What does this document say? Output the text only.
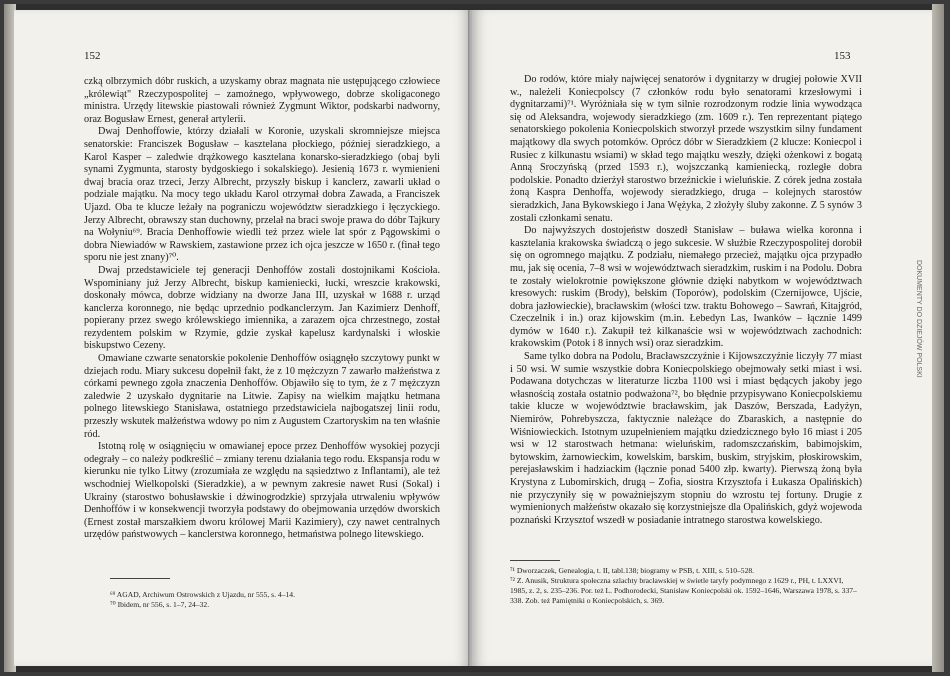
152

czką olbrzymich dóbr ruskich, a uzyskamy obraz magnata nie ustępującego człowiece „królewiąt" Rzeczypospolitej – zamożnego, wpływowego, dobrze skoligaconego ministra. Urzędy litewskie piastowali również Zygmunt Wiktor, podskarbi nadworny, oraz Bogusław Ernest, generał artylerii.

Dwaj Denhoffowie, którzy działali w Koronie, uzyskali skromniejsze miejsca senatorskie: Franciszek Bogusław – kasztelana płockiego, później sieradzkiego, a Karol Kasper – zaledwie drążkowego kasztelana konarsko-sieradzkiego (obaj byli synami Zygmunta, starosty bydgoskiego i sokalskiego). Jesienią 1673 r. wymienieni dwaj bracia oraz trzeci, Jerzy Albrecht, przyszły biskup i kanclerz, zawarli układ o podziale majątku. Na mocy tego układu Karol otrzymał dobra Zawada, a Franciszek Ujazd. Oba te klucze leżały na pograniczu województw sieradzkiego i łęczyckiego. Jerzy Albrecht, obrawszy stan duchowny, przelał na braci swoje prawa do dóbr Tajkury na Wołyniu⁶⁹. Bracia Denhoffowie wiedli też przez wiele lat spór z Pągowskimi o dobra Niewiadów w Rawskiem, zastawione przez ich ojca jeszcze w 1650 r. (finał tego sporu nie jest znany)⁷⁰.

Dwaj przedstawiciele tej generacji Denhoffów zostali dostojnikami Kościoła. Wspominiany już Jerzy Albrecht, biskup kamieniecki, łucki, wreszcie krakowski, doskonały mówca, dobrze widziany na dworze Jana III, uzyskał w 1688 r. urząd kanclerza koronnego, nie będąc uprzednio podkanclerzym. Jan Kazimierz Denhoff, popierany przez swego królewskiego imiennika, a zarazem ojca chrzestnego, został rezydentem polskim w Rzymie, gdzie zyskał kapelusz kardynalski i włoskie biskupstwo Cezeny.

Omawiane czwarte senatorskie pokolenie Denhoffów osiągnęło szczytowy punkt w dziejach rodu. Miary sukcesu dopełnił fakt, że z 10 mężczyzn 7 zawarło małżeństwa z córkami pewnego zgoła znaczenia Denhoffów. Objawiło się to tym, że z 7 mężczyzn zaledwie 2 uzyskało dygnitarie na Litwie. Zapisy na wielkim majątku hetmana polnego litewskiego Stanisława, ostatniego przedstawiciela najbogatszej linii rodu, przeszły wskutek małżeństwa wdowy po nim z Augustem Czartoryskim na ten właśnie ród.

Istotną rolę w osiągnięciu w omawianej epoce przez Denhoffów wysokiej pozycji odegrały – co należy podkreślić – zmiany terenu działania tego rodu. Ekspansja rodu w kierunku nie tylko Litwy (zrozumiała ze względu na sąsiedztwo z Inflantami), ale też wschodniej Wielkopolski (Sieradzkie), a w pewnym zakresie nawet Rusi (Sokal) i Ukrainy (starostwo bohusławskie i dźwinogrodzkie) sprzyjała utrwaleniu wpływów Denhoffów i w konsekwencji tworzyła podstawy do obejmowania urzędów dworskich (Ernest został marszałkiem dworu królowej Marii Kazimiery), czy nawet centralnych urzędów państwowych – kanclerstwa koronnego, hetmaństwa polnego litewskiego.

⁶⁹ AGAD, Archiwum Ostrowskich z Ujazdu, nr 555, s. 4–14.
⁷⁰ Ibidem, nr 556, s. 1–7, 24–32.
153

Do rodów, które miały najwięcej senatorów i dygnitarzy w drugiej połowie XVII w., należeli Koniecpolscy (7 członków rodu było senatorami krzesłowymi i dygnitarzami)⁷¹. Wyróżniała się w tym silnie rozrodzonym rodzie linia wywodząca się od Aleksandra, wojewody sieradzkiego (zm. 1609 r.). Ten reprezentant piątego senatorskiego pokolenia Koniecpolskich stworzył przede wszystkim silny fundament majątkowy dla swych potomków. Oprócz dóbr w Sieradzkiem (2 klucze: Koniecpol i Rusiec z kilkunastu wsiami) w skład tego majątku weszły, dzięki ożenkowi z bogatą Anną Sroczyńską (przed 1593 r.), wojszczanką kamieniecką, rozległe dobra podolskie. Ponadto dzierżył starostwo brzeźnickie i wieluńskie. Z córek jedna została żoną Kaspra Denhoffa, wojewody sieradzkiego, druga – kolejnych starostów sieradzkich, Jana Bykowskiego i Jana Wężyka, 2 złożyły śluby zakonne. Z 5 synów 3 zostali członkami senatu.

Do najwyższych dostojeństw doszedł Stanisław – buława wielka koronna i kasztelania krakowska świadczą o jego sukcesie. W służbie Rzeczypospolitej dorobił się on ogromnego majątku. Z podziału, niemałego przecież, majątku ojca przypadło mu, jak się ocenia, 7–8 wsi w województwach sieradzkim, ruskim i na Podolu. Dobra te zostały wielokrotnie powiększone głównie dzięki nabytkom w województwach kresowych: ruskim (Brody), bełskim (Toporów), podolskim (Czernijowce, Ujście, dobra jazłowieckie), bracławskim (włości tzw. traktu Bohowego – Sawrań, Kitajgród, Czeczelnik i in.) oraz kijowskim (m.in. Łebedyn Las, Iwanków – łącznie 1499 dymów w 1640 r.). Zakupił też kilkanaście wsi w województwach zachodnich: krakowskim (Potok i 8 innych wsi) oraz sieradzkim.

Same tylko dobra na Podolu, Bracławszczyźnie i Kijowszczyźnie liczyły 77 miast i 50 wsi. W sumie wszystkie dobra Koniecpolskiego obejmowały setki miast i wsi. Podawana dotychczas w literaturze liczba 1100 wsi i miast będących jakoby jego własnością została ostatnio podważona⁷², bo błędnie przypisywano Koniecpolskiemu takie klucze w województwie bracławskim, jak Daszów, Berszada, Ładyżyn, Niemirów, Pohrebyszcza, faktycznie należące do Zbaraskich, a następnie do Wiśniowieckich. Istotnym uzupełnieniem majątku dziedzicznego było 16 miast i 205 wsi w 12 starostwach hetmana: wieluńskim, radomszczańskim, babimojskim, bytowskim, żarnowieckim, kowelskim, barskim, buskim, stryjskim, płoskirowskim, perejasławskim i hadziackim (łącznie ponad 5400 złp. kwarty). Pierwszą żoną była Krystyna z Lubomirskich, drugą – Zofia, siostra Krzysztofa i Łukasza Opalińskich) nie przyczyniły się w poważniejszym stopniu do wzrostu tej fortuny. Drugie z wymienionych małżeństw okazało się korzystniejsze dla Opalińskich, gdyż wojewoda poznański Krzysztof wszedł w posiadanie intratnego starostwa kowelskiego.

⁷¹ Dworzaczek, Genealogia, t. II, tabl.138; biogramy w PSB, t. XIII, s. 510–528.
⁷² Z. Anusik, Struktura społeczna szlachty bracławskiej w świetle taryfy podymnego z 1629 r., PH, t. LXXVI, 1985, z. 2, s. 235–236. Por. też L. Podhorodecki, Stanisław Koniecpolski ok. 1592–1646, Warszawa 1978, s. 337–338. Zob. też Pamiętniki o Koniecpolskich, s. 369.
DOKUMENTY DO DZIEJÓW POLSKI
